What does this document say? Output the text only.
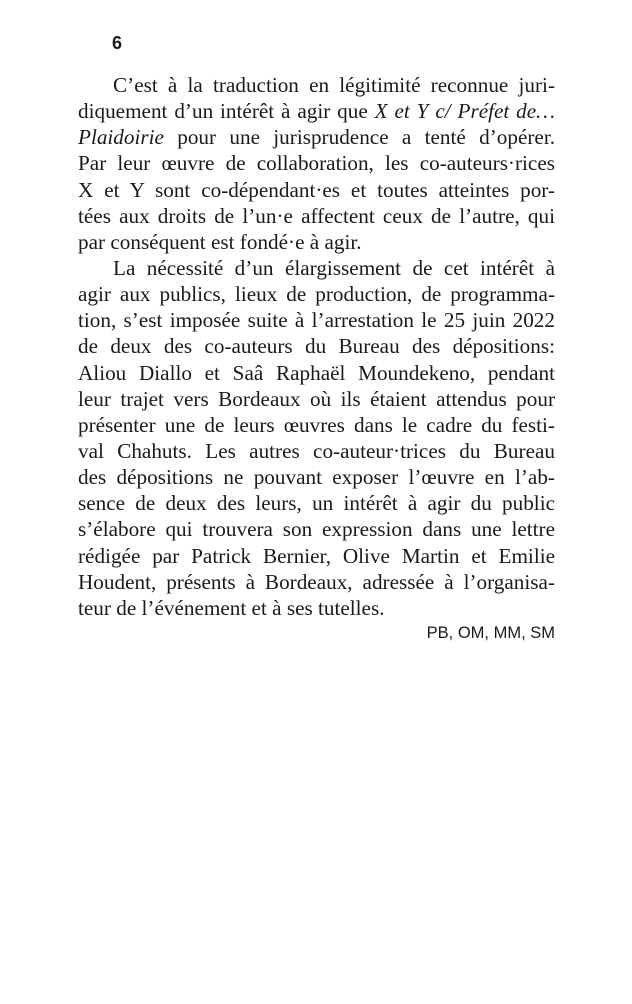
6
C’est à la traduction en légitimité reconnue juri-
diquement d’un intérêt à agir que X et Y c/ Préfet de…
Plaidoirie pour une jurisprudence a tenté d’opérer.
Par leur œuvre de collaboration, les co-auteurs·rices
X et Y sont co-dépendant·es et toutes atteintes por-
tées aux droits de l’un·e affectent ceux de l’autre, qui
par conséquent est fondé·e à agir.
La nécessité d’un élargissement de cet intérêt à
agir aux publics, lieux de production, de programma-
tion, s’est imposée suite à l’arrestation le 25 juin 2022
de deux des co-auteurs du Bureau des dépositions:
Aliou Diallo et Saâ Raphaël Moundekeno, pendant
leur trajet vers Bordeaux où ils étaient attendus pour
présenter une de leurs œuvres dans le cadre du festi-
val Chahuts. Les autres co-auteur·trices du Bureau
des dépositions ne pouvant exposer l’œuvre en l’ab-
sence de deux des leurs, un intérêt à agir du public
s’élabore qui trouvera son expression dans une lettre
rédigée par Patrick Bernier, Olive Martin et Emilie
Houdent, présents à Bordeaux, adressée à l’organisa-
teur de l’événement et à ses tutelles.
PB, OM, MM, SM
